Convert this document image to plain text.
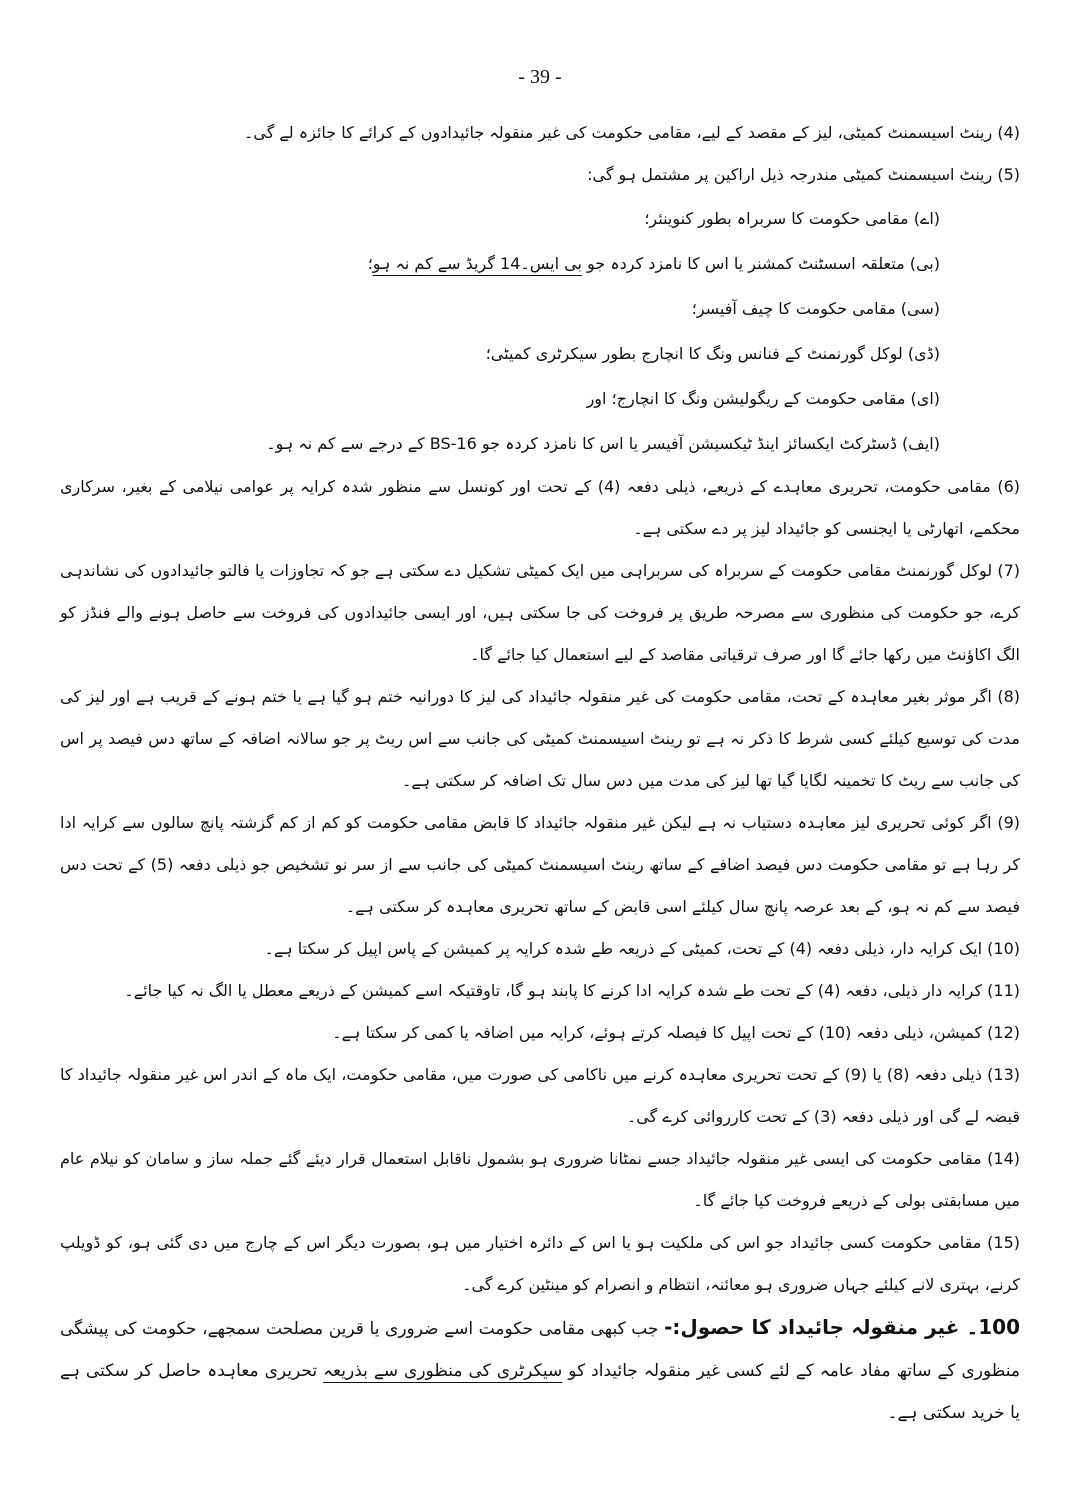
- 39 -

(4) رینٹ اسیسمنٹ کمیٹی، لیز کے مقصد کے لیے، مقامی حکومت کی غیر منقولہ جائیدادوں کے کرائے کا جائزہ لے گی۔

(5) رینٹ اسیسمنٹ کمیٹی مندرجہ ذیل اراکین پر مشتمل ہو گی:

(اے) مقامی حکومت کا سربراہ بطور کنوینئر؛

(بی) متعلقہ اسسٹنٹ کمشنر یا اس کا نامزد کردہ جو بی ایس۔14 گریڈ سے کم نہ ہو؛

(سی) مقامی حکومت کا چیف آفیسر؛

(ڈی) لوکل گورنمنٹ کے فنانس ونگ کا انچارج بطور سیکرٹری کمیٹی؛

(ای) مقامی حکومت کے ریگولیشن ونگ کا انچارج؛ اور

(ایف) ڈسٹرکٹ ایکسائز اینڈ ٹیکسیشن آفیسر یا اس کا نامزد کردہ جو BS-16 کے درجے سے کم نہ ہو۔

(6) مقامی حکومت، تحریری معاہدے کے ذریعے، ذیلی دفعہ (4) کے تحت اور کونسل سے منظور شدہ کرایہ پر عوامی نیلامی کے بغیر، سرکاری محکمے، اتھارٹی یا ایجنسی کو جائیداد لیز پر دے سکتی ہے۔

(7) لوکل گورنمنٹ مقامی حکومت کے سربراہ کی سربراہی میں ایک کمیٹی تشکیل دے سکتی ہے جو کہ تجاوزات یا فالتو جائیدادوں کی نشاندہی کرے، جو حکومت کی منظوری سے مصرحہ طریق پر فروخت کی جا سکتی ہیں، اور ایسی جائیدادوں کی فروخت سے حاصل ہونے والے فنڈز کو الگ اکاؤنٹ میں رکھا جائے گا اور صرف ترقیاتی مقاصد کے لیے استعمال کیا جائے گا۔

(8) اگر موثر بغیر معاہدہ کے تحت، مقامی حکومت کی غیر منقولہ جائیداد کی لیز کا دورانیہ ختم ہو گیا ہے یا ختم ہونے کے قریب ہے اور لیز کی مدت کی توسیع کیلئے کسی شرط کا ذکر نہ ہے تو رینٹ اسیسمنٹ کمیٹی کی جانب سے اس ریٹ پر جو سالانہ اضافہ کے ساتھ دس فیصد پر اس کی جانب سے ریٹ کا تخمینہ لگایا گیا تھا لیز کی مدت میں دس سال تک اضافہ کر سکتی ہے۔

(9) اگر کوئی تحریری لیز معاہدہ دستیاب نہ ہے لیکن غیر منقولہ جائیداد کا قابض مقامی حکومت کو کم از کم گزشتہ پانچ سالوں سے کرایہ ادا کر رہا ہے تو مقامی حکومت دس فیصد اضافے کے ساتھ رینٹ اسیسمنٹ کمیٹی کی جانب سے از سر نو تشخیص جو ذیلی دفعہ (5) کے تحت دس فیصد سے کم نہ ہو، کے بعد عرصہ پانچ سال کیلئے اسی قابض کے ساتھ تحریری معاہدہ کر سکتی ہے۔

(10) ایک کرایہ دار، ذیلی دفعہ (4) کے تحت، کمیٹی کے ذریعہ طے شدہ کرایہ پر کمیشن کے پاس اپیل کر سکتا ہے۔

(11) کرایہ دار ذیلی، دفعہ (4) کے تحت طے شدہ کرایہ ادا کرنے کا پابند ہو گا، تاوقتیکہ اسے کمیشن کے ذریعے معطل یا الگ نہ کیا جائے۔

(12) کمیشن، ذیلی دفعہ (10) کے تحت اپیل کا فیصلہ کرتے ہوئے، کرایہ میں اضافہ یا کمی کر سکتا ہے۔

(13) ذیلی دفعہ (8) یا (9) کے تحت تحریری معاہدہ کرنے میں ناکامی کی صورت میں، مقامی حکومت، ایک ماہ کے اندر اس غیر منقولہ جائیداد کا قبضہ لے گی اور ذیلی دفعہ (3) کے تحت کارروائی کرے گی۔

(14) مقامی حکومت کی ایسی غیر منقولہ جائیداد جسے نمٹانا ضروری ہو بشمول ناقابل استعمال قرار دیئے گئے جملہ ساز و سامان کو نیلام عام میں مسابقتی بولی کے ذریعے فروخت کیا جائے گا۔

(15) مقامی حکومت کسی جائیداد جو اس کی ملکیت ہو یا اس کے دائرہ اختیار میں ہو، بصورت دیگر اس کے چارج میں دی گئی ہو، کو ڈویلپ کرنے، بہتری لانے کیلئے جہاں ضروری ہو معائنہ، انتظام و انصرام کو مینٹین کرے گی۔

100۔ غیر منقولہ جائیداد کا حصول:- جب کبھی مقامی حکومت اسے ضروری یا قرین مصلحت سمجھے، حکومت کی پیشگی منظوری کے ساتھ مفاد عامہ کے لئے کسی غیر منقولہ جائیداد کو سیکرٹری کی منظوری سے بذریعہ تحریری معاہدہ حاصل کر سکتی ہے یا خرید سکتی ہے۔
